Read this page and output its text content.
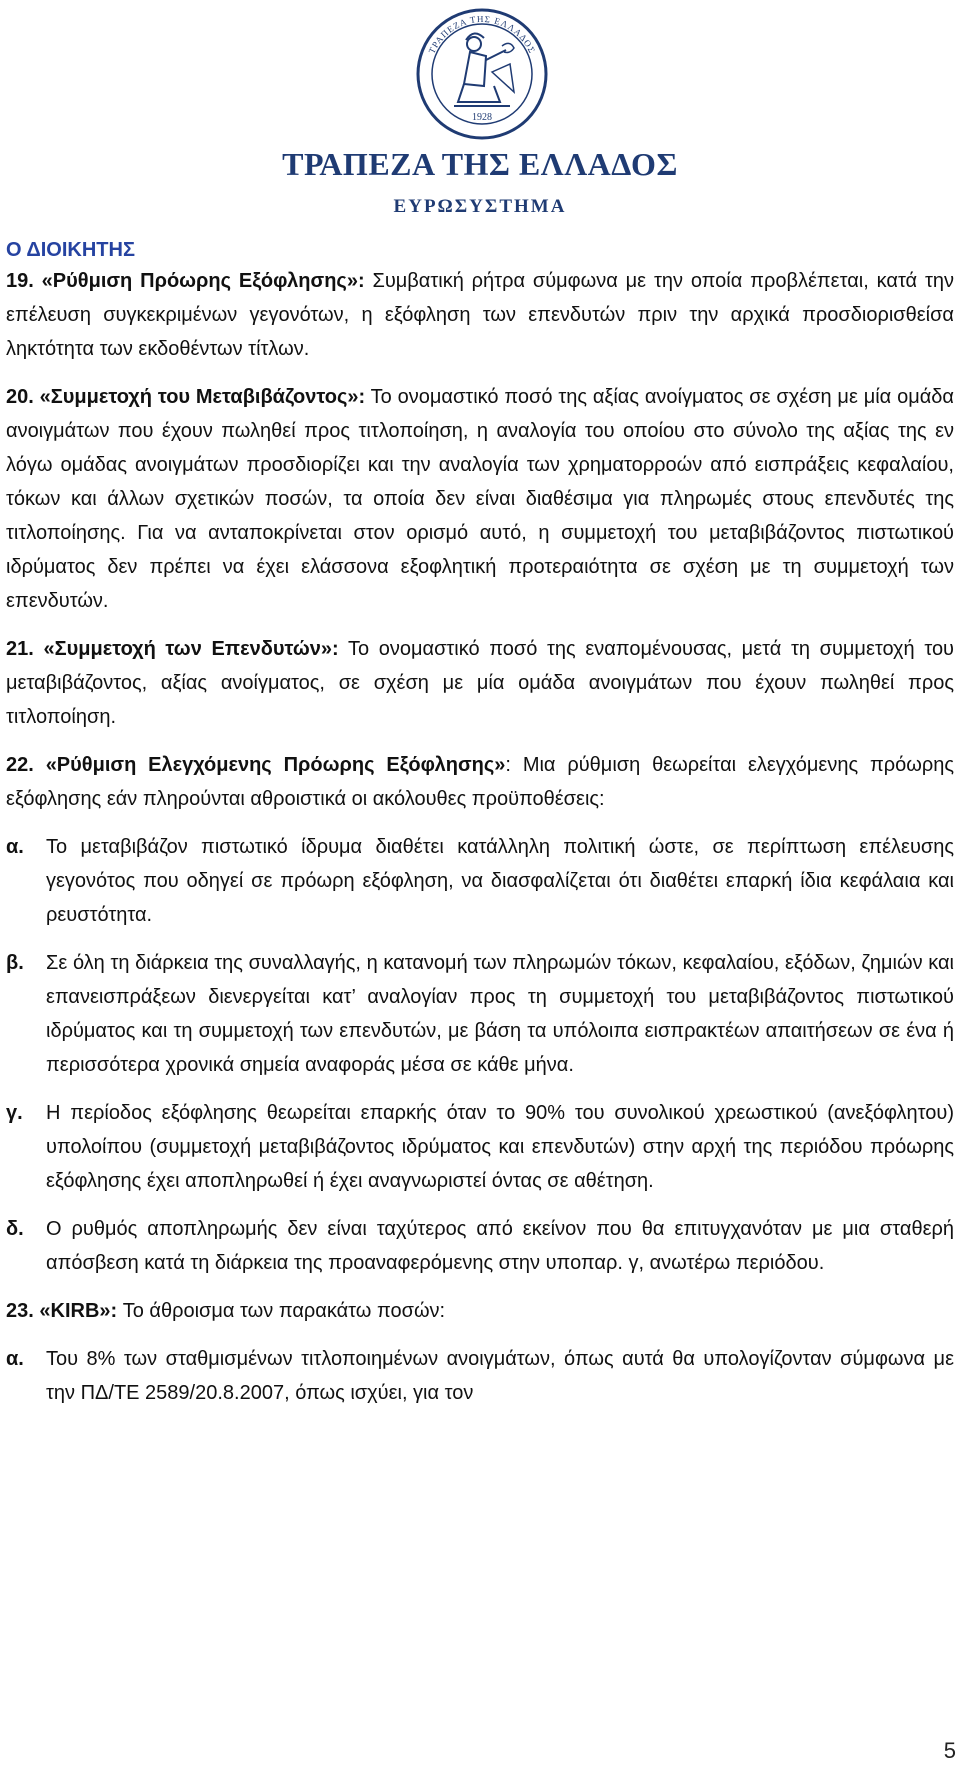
1928
ΤΡΑΠΕΖΑ ΤΗΣ ΕΛΛΑΔΟΣ
ΤΡΑΠΕΖΑ ΤΗΣ ΕΛΛΑΔΟΣ
ΕΥΡΩΣΥΣΤΗΜΑ
Ο ΔΙΟΙΚΗΤΗΣ

19. «Ρύθμιση Πρόωρης Εξόφλησης»: Συμβατική ρήτρα σύμφωνα με την οποία προβλέπεται, κατά την επέλευση συγκεκριμένων γεγονότων, η εξόφληση των επενδυτών πριν την αρχικά προσδιορισθείσα ληκτότητα των εκδοθέντων τίτλων.

20. «Συμμετοχή του Μεταβιβάζοντος»: Το ονομαστικό ποσό της αξίας ανοίγματος σε σχέση με μία ομάδα ανοιγμάτων που έχουν πωληθεί προς τιτλοποίηση, η αναλογία του οποίου στο σύνολο της αξίας της εν λόγω ομάδας ανοιγμάτων προσδιορίζει και την αναλογία των χρηματορροών από εισπράξεις κεφαλαίου, τόκων και άλλων σχετικών ποσών, τα οποία δεν είναι διαθέσιμα για πληρωμές στους επενδυτές της τιτλοποίησης. Για να ανταποκρίνεται στον ορισμό αυτό, η συμμετοχή του μεταβιβάζοντος πιστωτικού ιδρύματος δεν πρέπει να έχει ελάσσονα εξοφλητική προτεραιότητα σε σχέση με τη συμμετοχή των επενδυτών.

21. «Συμμετοχή των Επενδυτών»: Το ονομαστικό ποσό της εναπομένουσας, μετά τη συμμετοχή του μεταβιβάζοντος, αξίας ανοίγματος, σε σχέση με μία ομάδα ανοιγμάτων που έχουν πωληθεί προς τιτλοποίηση.

22. «Ρύθμιση Ελεγχόμενης Πρόωρης Εξόφλησης»: Μια ρύθμιση θεωρείται ελεγχόμενης πρόωρης εξόφλησης εάν πληρούνται αθροιστικά οι ακόλουθες προϋποθέσεις:

α.	Το μεταβιβάζον πιστωτικό ίδρυμα διαθέτει κατάλληλη πολιτική ώστε, σε περίπτωση επέλευσης γεγονότος που οδηγεί σε πρόωρη εξόφληση, να διασφαλίζεται ότι διαθέτει επαρκή ίδια κεφάλαια και ρευστότητα.
β.	Σε όλη τη διάρκεια της συναλλαγής, η κατανομή των πληρωμών τόκων, κεφαλαίου, εξόδων, ζημιών και επανεισπράξεων διενεργείται κατ’ αναλογίαν προς τη συμμετοχή του μεταβιβάζοντος πιστωτικού ιδρύματος και τη συμμετοχή των επενδυτών, με βάση τα υπόλοιπα εισπρακτέων απαιτήσεων σε ένα ή περισσότερα χρονικά σημεία αναφοράς μέσα σε κάθε μήνα.
γ.	Η περίοδος εξόφλησης θεωρείται επαρκής όταν το 90% του συνολικού χρεωστικού (ανεξόφλητου) υπολοίπου (συμμετοχή μεταβιβάζοντος ιδρύματος και επενδυτών) στην αρχή της περιόδου πρόωρης εξόφλησης έχει αποπληρωθεί ή έχει αναγνωριστεί όντας σε αθέτηση.
δ.	Ο ρυθμός αποπληρωμής δεν είναι ταχύτερος από εκείνον που θα επιτυγχανόταν με μια σταθερή απόσβεση κατά τη διάρκεια της προαναφερόμενης στην υποπαρ. γ, ανωτέρω περιόδου.

23. «KIRB»: Το άθροισμα των παρακάτω ποσών:

α.	Του 8% των σταθμισμένων τιτλοποιημένων ανοιγμάτων, όπως αυτά θα υπολογίζονταν σύμφωνα με την ΠΔ/ΤΕ 2589/20.8.2007, όπως ισχύει, για τον
5
